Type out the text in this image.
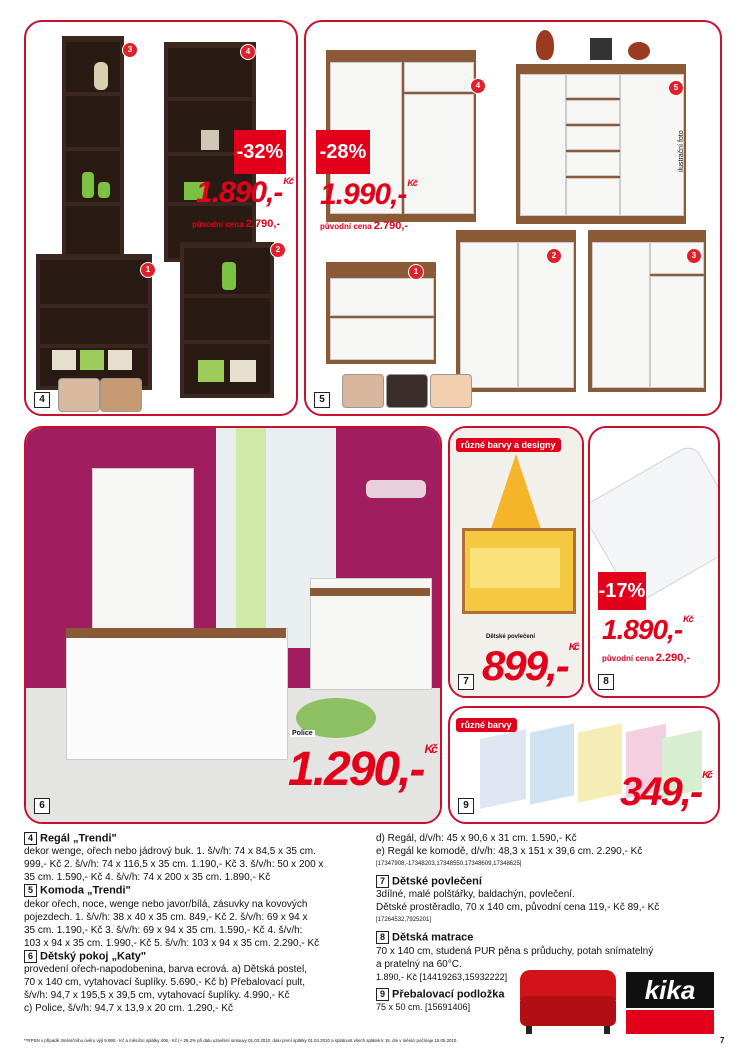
3	4
1
2
-32%
1.890,-$^{Kč}$
původní cena 2.790,-
4
4	5
1
2	3
-28%
1.990,-$^{Kč}$
původní cena 2.790,-
ilustrační foto
5
Police
1.290,-$^{Kč}$
6
různé barvy a designy
Dětské povlečení
899,-$^{Kč}$
7
-17%
1.890,-$^{Kč}$
původní cena 2.290,-
8
různé barvy
349,-$^{Kč}$
9
4 Regál „Trendi"
dekor wenge, ořech nebo jádrový buk. 1. š/v/h: 74 x 84,5 x 35 cm.
999,- Kč 2. š/v/h: 74 x 116,5 x 35 cm. 1.190,- Kč 3. š/v/h: 50 x 200 x
35 cm. 1.590,- Kč 4. š/v/h: 74 x 200 x 35 cm. 1.890,- Kč
5 Komoda „Trendi"
dekor ořech, noce, wenge nebo javor/bílá, zásuvky na kovových
pojezdech. 1. š/v/h: 38 x 40 x 35 cm. 849,- Kč 2. š/v/h: 69 x 94 x
35 cm. 1.190,- Kč 3. š/v/h: 69 x 94 x 35 cm. 1.590,- Kč 4. š/v/h:
103 x 94 x 35 cm. 1.990,- Kč 5. š/v/h: 103 x 94 x 35 cm. 2.290,- Kč
6 Dětský pokoj „Katy"
provedení ořech-napodobenina, barva ecrová. a) Dětská postel,
70 x 140 cm, vytahovací šuplíky. 5.690,- Kč b) Přebalovací pult,
š/v/h: 94,7 x 195,5 x 39,5 cm, vytahovací šuplíky. 4.990,- Kč
c) Police, š/v/h: 94,7 x 13,9 x 20 cm. 1.290,- Kč
d) Regál, d/v/h: 45 x 90,6 x 31 cm. 1.590,- Kč
e) Regál ke komodě, d/v/h: 48,3 x 151 x 39,6 cm. 2.290,- Kč
[17347908,-17348203,17348550,17348609,17348625]
7 Dětské povlečení
3dílné, malé polštářky, baldachýn, povlečení.
Dětské prostěradlo, 70 x 140 cm, původní cena 119,- Kč 89,- Kč
[17264532,7925201]
8 Dětská matrace
70 x 140 cm, studená PUR pěna s průduchy, potah snímatelný
a pratelný na 60°C.
1.890,- Kč [14419263,15932222]
9 Přebalovací podložka
75 x 50 cm. [15691406]
kika
**RPSN v případě 3měsíčního úvěru výjí 9.990,- Kč a měsíční splátky 406,- Kč (+ 29,2% při dalu uzavření smlouvy 01.03.2010, dalu první splátky 01.04.2010 a splatnost všech splátek k 15. dni v měsíci počínaje 15.05.2010.	7
